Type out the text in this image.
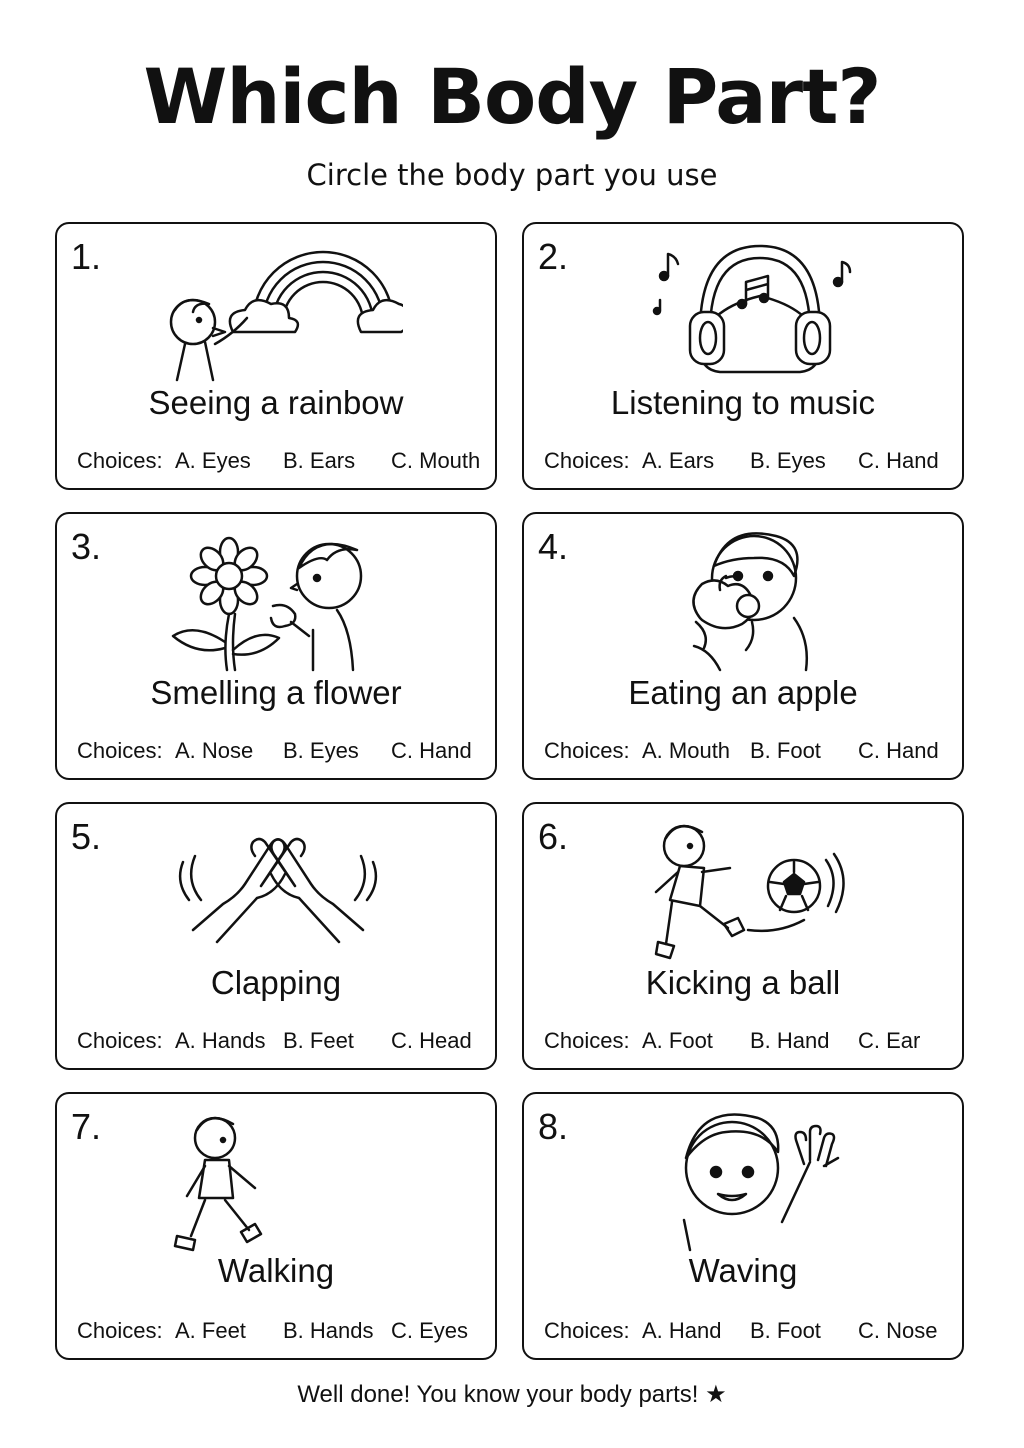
Which Body Part?

Circle the body part you use

1.
Seeing a rainbow
Choices: A. Eyes B. Ears C. Mouth
2.
Listening to music
Choices: A. Ears B. Eyes C. Hand
3.
Smelling a flower
Choices: A. Nose B. Eyes C. Hand
4.
Eating an apple
Choices: A. Mouth B. Foot C. Hand
5.
Clapping
Choices: A. Hands B. Feet C. Head
6.
Kicking a ball
Choices: A. Foot B. Hand C. Ear
7.
Walking
Choices: A. Feet B. Hands C. Eyes
8.
Waving
Choices: A. Hand B. Foot C. Nose
Well done! You know your body parts! ★
